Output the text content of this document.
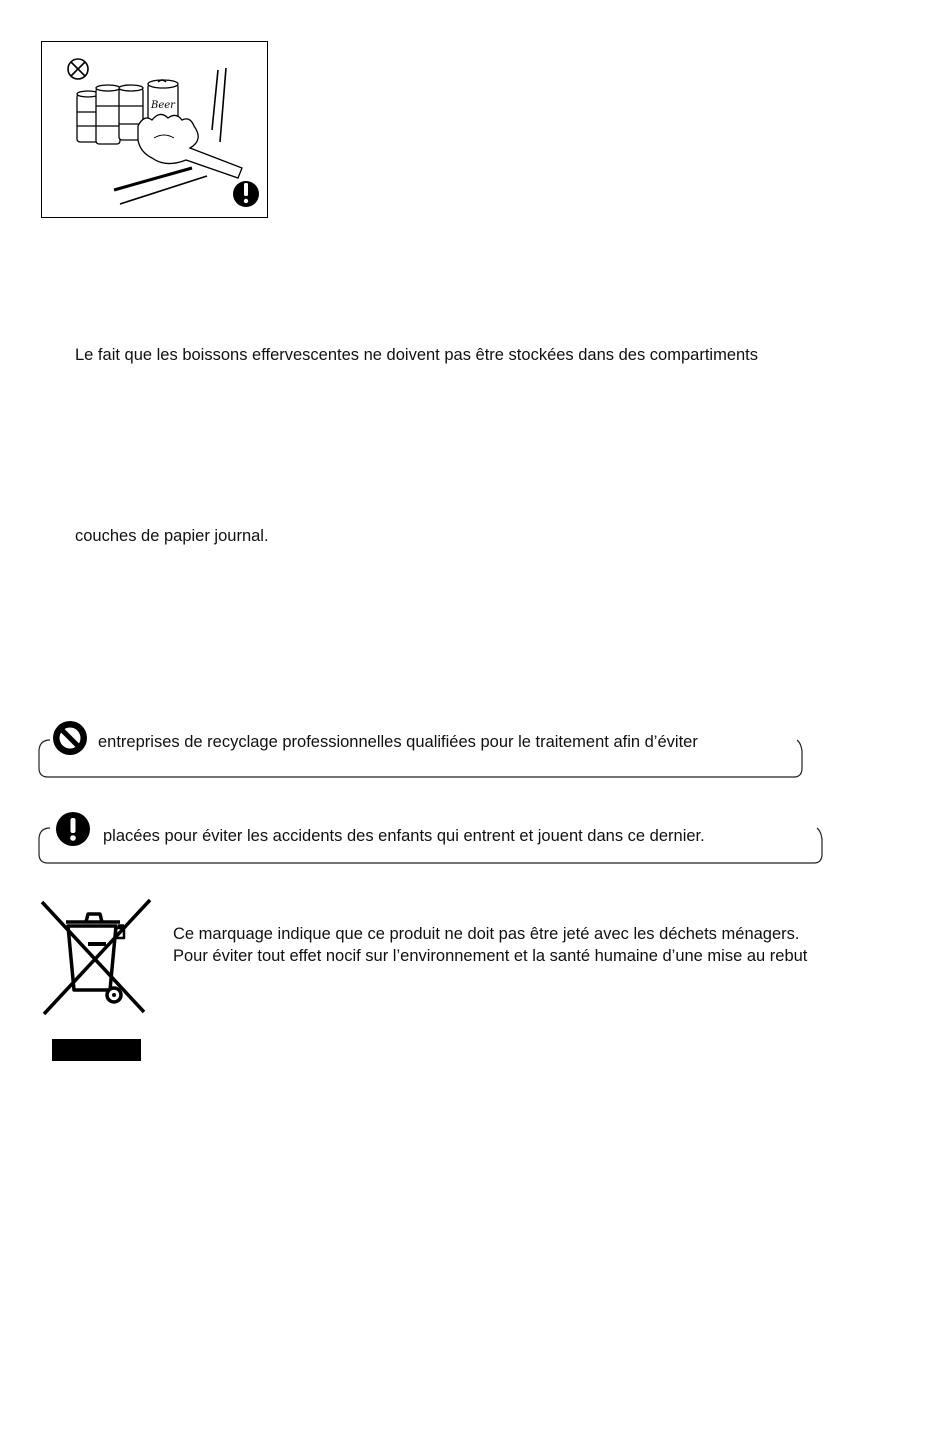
Beer
Le fait que les boissons effervescentes ne doivent pas être stockées dans des compartiments
couches de papier journal.
entreprises de recyclage professionnelles qualifiées pour le traitement afin d’éviter
placées pour éviter les accidents des enfants qui entrent et jouent dans ce dernier.
Ce marquage indique que ce produit ne doit pas être jeté avec les déchets ménagers.
Pour éviter tout effet nocif sur l’environnement et la santé humaine d’une mise au rebut
